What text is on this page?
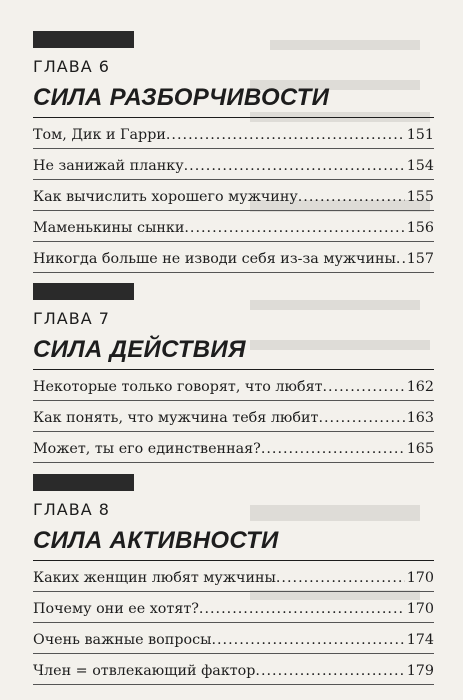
ГЛАВА 6
СИЛА РАЗБОРЧИВОСТИ
Том, Дик и Гарри .....	151
Не занижай планку .....	154
Как вычислить хорошего мужчину .....	155
Маменькины сынки .....	156
Никогда больше не изводи себя из-за мужчины ..... 157
ГЛАВА 7
СИЛА ДЕЙСТВИЯ
Некоторые только говорят, что любят .....	162
Как понять, что мужчина тебя любит .....	163
Может, ты его единственная? .....	165
ГЛАВА 8
СИЛА АКТИВНОСТИ
Каких женщин любят мужчины .....	170
Почему они ее хотят? .....	170
Очень важные вопросы .....	174
Член = отвлекающий фактор .....	179
